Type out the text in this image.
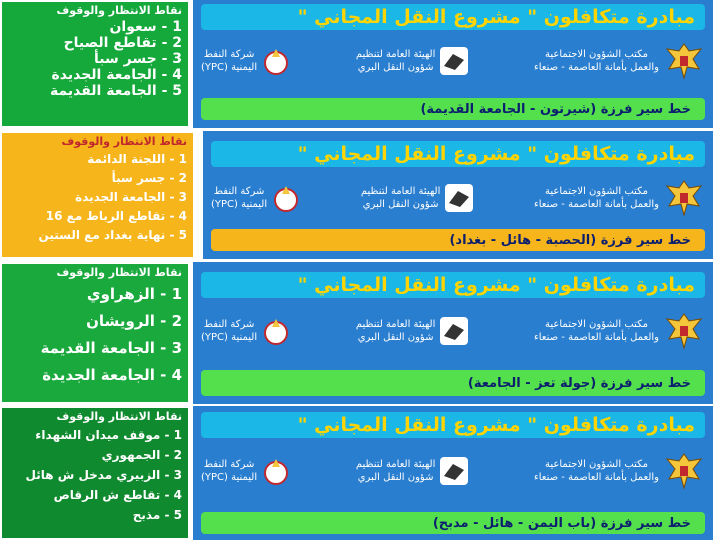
نقاط الانتظار والوقوف
1 - سعوان
2 - تقاطع الصياح
3 - جسر سبأ
4 - الجامعة الجديدة
5 - الجامعة القديمة
مبادرة متكافلون " مشروع النقل المجاني "
مكتب الشؤون الاجتماعية
والعمل بأمانة العاصمة - صنعاء
الهيئة العامة لتنظيم
شؤون النقل البري
شركة النفط
اليمنية (YPC)
خط سير فرزة (شيرتون - الجامعة القديمة)
نقاط الانتظار والوقوف
1 - اللجنة الدائمة
2 - جسر سبأ
3 - الجامعة الجديدة
4 - تقاطع الرباط مع 16
5 - نهاية بغداد مع الستين
مبادرة متكافلون " مشروع النقل المجاني "
مكتب الشؤون الاجتماعية
والعمل بأمانة العاصمة - صنعاء
الهيئة العامة لتنظيم
شؤون النقل البري
شركة النفط
اليمنية (YPC)
خط سير فرزة (الحصبة - هائل - بغداد)
نقاط الانتظار والوقوف
1 - الزهراوي
2 - الرويشان
3 - الجامعة القديمة
4 - الجامعة الجديدة
مبادرة متكافلون " مشروع النقل المجاني "
مكتب الشؤون الاجتماعية
والعمل بأمانة العاصمة - صنعاء
الهيئة العامة لتنظيم
شؤون النقل البري
شركة النفط
اليمنية (YPC)
خط سير فرزة (جولة تعز - الجامعة)
نقاط الانتظار والوقوف
1 - موقف ميدان الشهداء
2 - الجمهوري
3 - الزبيري مدخل ش هائل
4 - تقاطع ش الرقاص
5 - مذبح
مبادرة متكافلون " مشروع النقل المجاني "
مكتب الشؤون الاجتماعية
والعمل بأمانة العاصمة - صنعاء
الهيئة العامة لتنظيم
شؤون النقل البري
شركة النفط
اليمنية (YPC)
خط سير فرزة (باب اليمن - هائل - مدبح)
